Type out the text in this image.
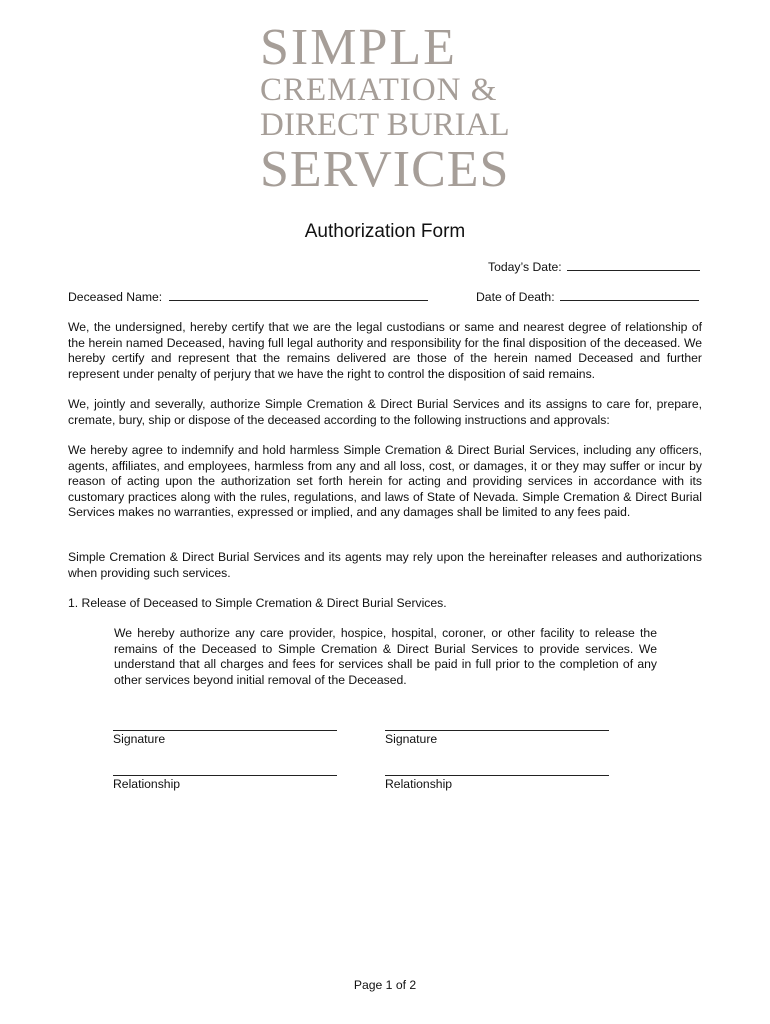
SIMPLE
CREMATION &
DIRECT BURIAL
SERVICES
Authorization Form
Today’s Date:
Deceased Name:	Date of Death:
We, the undersigned, hereby certify that we are the legal custodians or same and nearest degree of relationship of the herein named Deceased, having full legal authority and responsibility for the final disposition of the deceased. We hereby certify and represent that the remains delivered are those of the herein named Deceased and further represent under penalty of perjury that we have the right to control the disposition of said remains.
We, jointly and severally, authorize Simple Cremation & Direct Burial Services and its assigns to care for, prepare, cremate, bury, ship or dispose of the deceased according to the following instructions and approvals:
We hereby agree to indemnify and hold harmless Simple Cremation & Direct Burial Services, including any officers, agents, affiliates, and employees, harmless from any and all loss, cost, or damages, it or they may suffer or incur by reason of acting upon the authorization set forth herein for acting and providing services in accordance with its customary practices along with the rules, regulations, and laws of State of Nevada. Simple Cremation & Direct Burial Services makes no warranties, expressed or implied, and any damages shall be limited to any fees paid.
Simple Cremation & Direct Burial Services and its agents may rely upon the hereinafter releases and authorizations when providing such services.
1. Release of Deceased to Simple Cremation & Direct Burial Services.
We hereby authorize any care provider, hospice, hospital, coroner, or other facility to release the remains of the Deceased to Simple Cremation & Direct Burial Services to provide services. We understand that all charges and fees for services shall be paid in full prior to the completion of any other services beyond initial removal of the Deceased.
Signature	Signature
Relationship	Relationship
Page 1 of 2
